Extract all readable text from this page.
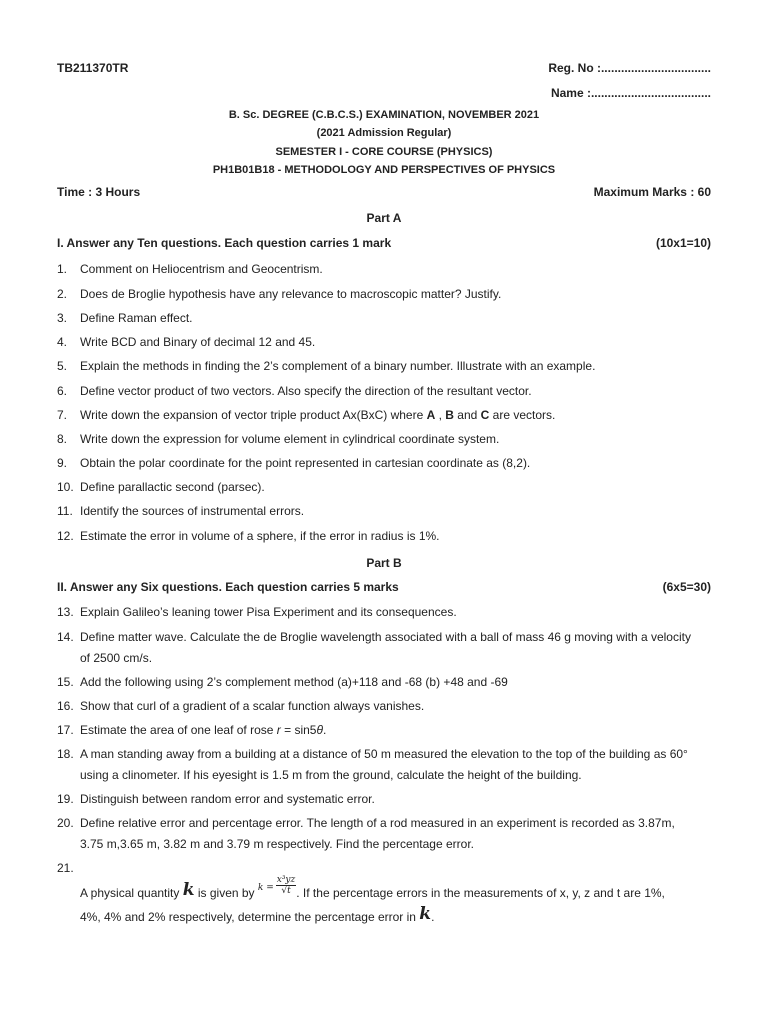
TB211370TR	Reg. No :.................................
Name :....................................
B. Sc. DEGREE (C.B.C.S.) EXAMINATION, NOVEMBER 2021
(2021 Admission Regular)
SEMESTER I - CORE COURSE (PHYSICS)
PH1B01B18 - METHODOLOGY AND PERSPECTIVES OF PHYSICS
Time : 3 Hours	Maximum Marks : 60
Part A
I. Answer any Ten questions. Each question carries 1 mark	(10x1=10)
1.	Comment on Heliocentrism and Geocentrism.
2.	Does de Broglie hypothesis have any relevance to macroscopic matter? Justify.
3.	Define Raman effect.
4.	Write BCD and Binary of decimal 12 and 45.
5.	Explain the methods in finding the 2’s complement of a binary number. Illustrate with an example.
6.	Define vector product of two vectors. Also specify the direction of the resultant vector.
7.	Write down the expansion of vector triple product Ax(BxC) where A , B and C are vectors.
8.	Write down the expression for volume element in cylindrical coordinate system.
9.	Obtain the polar coordinate for the point represented in cartesian coordinate as (8,2).
10. Define parallactic second (parsec).
11. Identify the sources of instrumental errors.
12. Estimate the error in volume of a sphere, if the error in radius is 1%.
Part B
II. Answer any Six questions. Each question carries 5 marks	(6x5=30)
13. Explain Galileo’s leaning tower Pisa Experiment and its consequences.
14. Define matter wave. Calculate the de Broglie wavelength associated with a ball of mass 46 g moving with a velocity
of 2500 cm/s.
15. Add the following using 2’s complement method (a)+118 and -68 (b) +48 and -69
16. Show that curl of a gradient of a scalar function always vanishes.
17. Estimate the area of one leaf of rose r = sin5θ.
18. A man standing away from a building at a distance of 50 m measured the elevation to the top of the building as 60°
using a clinometer. If his eyesight is 1.5 m from the ground, calculate the height of the building.
19. Distinguish between random error and systematic error.
20. Define relative error and percentage error. The length of a rod measured in an experiment is recorded as 3.87m,
3.75 m,3.65 m, 3.82 m and 3.79 m respectively. Find the percentage error.
21.
A physical quantity k is given by $^{k =} \frac{\text{x³yz}}{√t}$ . If the percentage errors in the measurements of x, y, z and t are 1%,
4%, 4% and 2% respectively, determine the percentage error in k.
